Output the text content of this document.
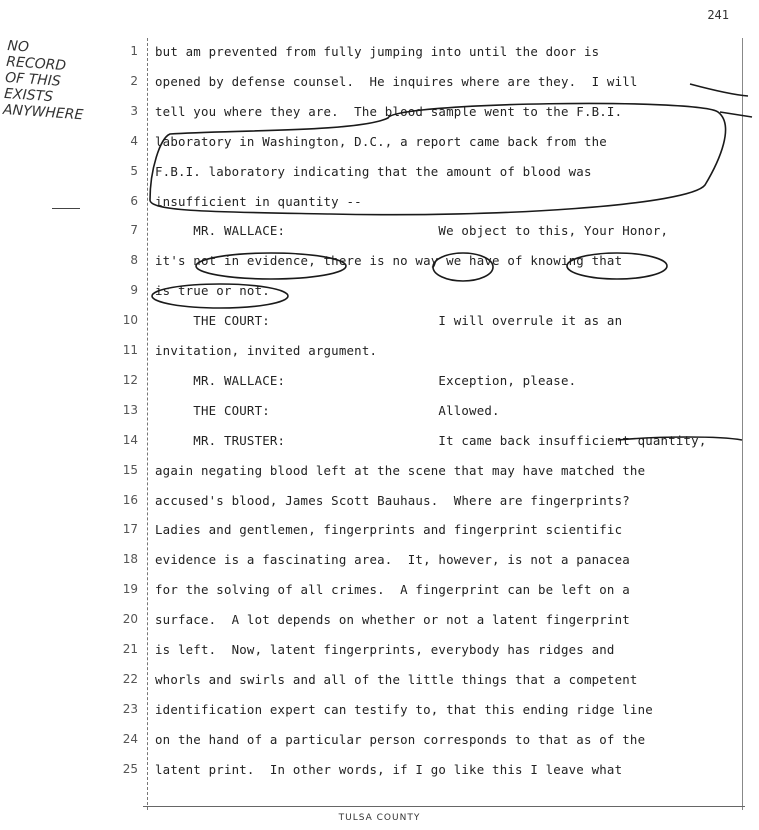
241
NO
RECORD
OF THIS
EXISTS
ANYWHERE
1 but am prevented from fully jumping into until the door is
2 opened by defense counsel.  He inquires where are they.  I will
3 tell you where they are.  The blood sample went to the F.B.I.
4 laboratory in Washington, D.C., a report came back from the
5 F.B.I. laboratory indicating that the amount of blood was
6 insufficient in quantity --
7 MR. WALLACE:                    We object to this, Your Honor,
8 it's not in evidence, there is no way we have of knowing that
9 is true or not.
10 THE COURT:                      I will overrule it as an
11 invitation, invited argument.
12 MR. WALLACE:                    Exception, please.
13 THE COURT:                      Allowed.
14 MR. TRUSTER:                    It came back insufficient quantity,
15 again negating blood left at the scene that may have matched the
16 accused's blood, James Scott Bauhaus.  Where are fingerprints?
17 Ladies and gentlemen, fingerprints and fingerprint scientific
18 evidence is a fascinating area.  It, however, is not a panacea
19 for the solving of all crimes.  A fingerprint can be left on a
20 surface.  A lot depends on whether or not a latent fingerprint
21 is left.  Now, latent fingerprints, everybody has ridges and
22 whorls and swirls and all of the little things that a competent
23 identification expert can testify to, that this ending ridge line
24 on the hand of a particular person corresponds to that as of the
25 latent print.  In other words, if I go like this I leave what
TULSA COUNTY
